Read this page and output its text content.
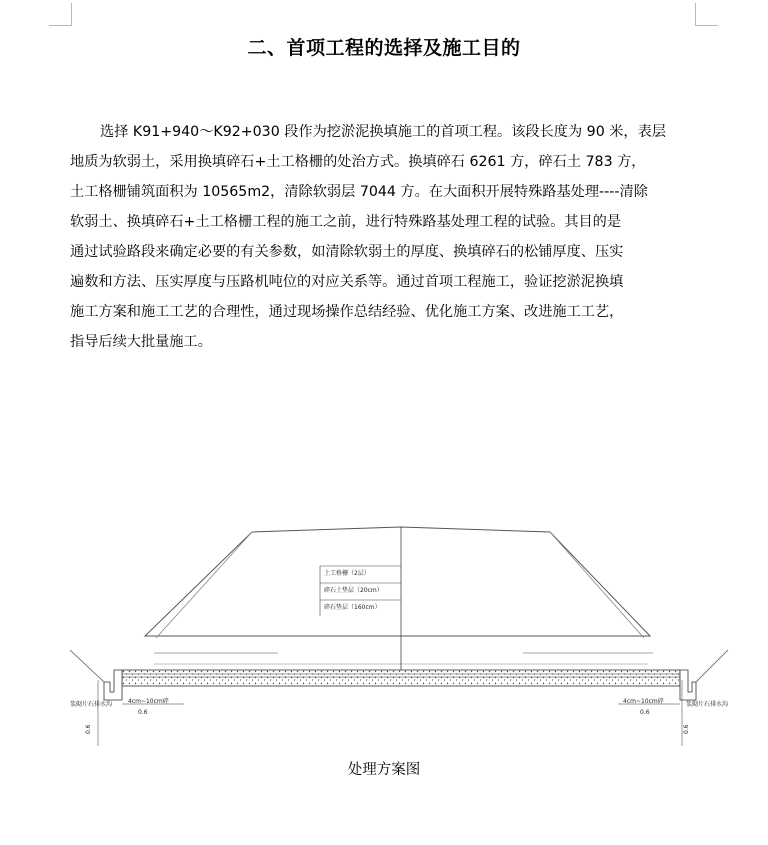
二、首项工程的选择及施工目的
选择 K91+940～K92+030 段作为挖淤泥换填施工的首项工程。该段长度为 90 米，表层
地质为软弱土，采用换填碎石+土工格栅的处治方式。换填碎石 6261 方，碎石土 783 方，
土工格栅铺筑面积为 10565m2，清除软弱层 7044 方。在大面积开展特殊路基处理----清除
软弱土、换填碎石+土工格栅工程的施工之前，进行特殊路基处理工程的试验。其目的是
通过试验路段来确定必要的有关参数，如清除软弱土的厚度、换填碎石的松铺厚度、压实
遍数和方法、压实厚度与压路机吨位的对应关系等。通过首项工程施工，验证挖淤泥换填
施工方案和施工工艺的合理性，通过现场操作总结经验、优化施工方案、改进施工工艺，
指导后续大批量施工。
土工格栅（2层）
碎石土垫层（20cm）
碎石垫层（160cm）
4cm~10cm碎
0.6
4cm~10cm碎
0.6
浆砌片石排水沟	浆砌片石排水沟
0.6	0.6
处理方案图
